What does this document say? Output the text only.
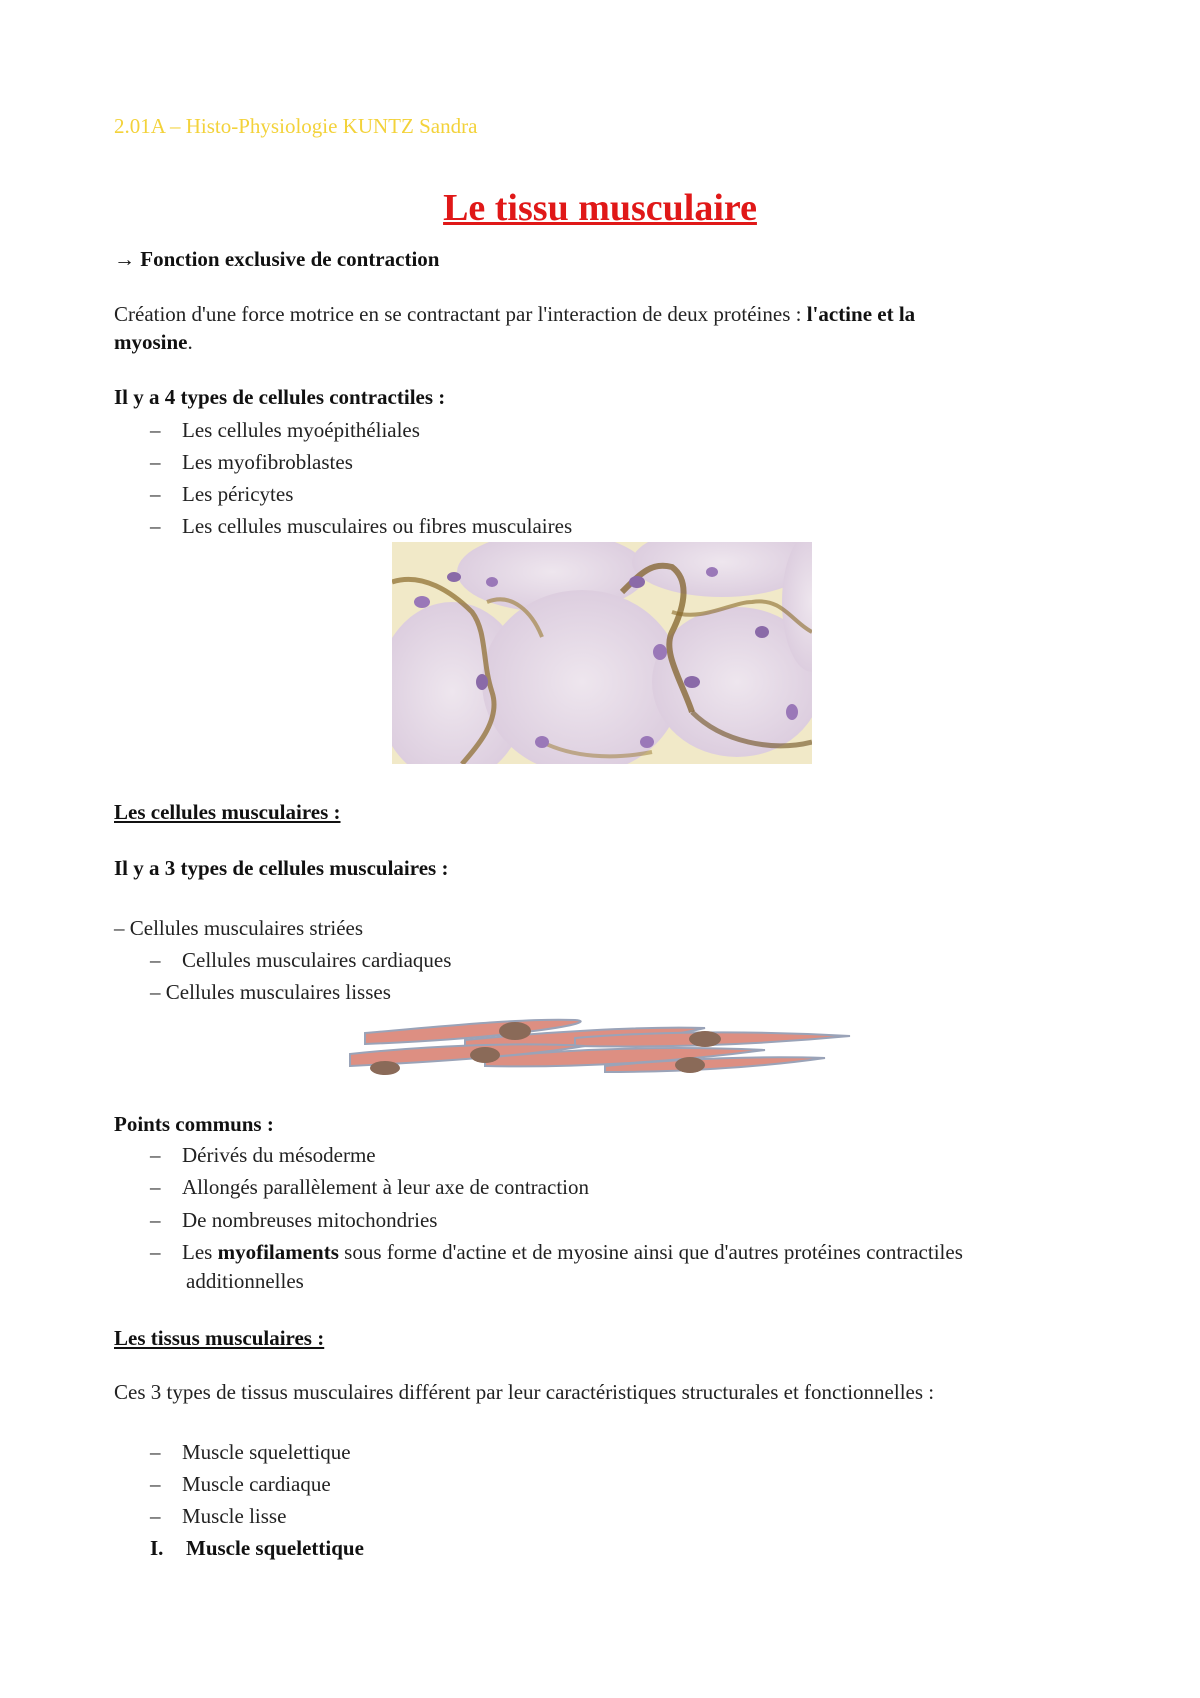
2.01A – Histo-Physiologie KUNTZ Sandra
Le tissu musculaire
→ Fonction exclusive de contraction
Création d'une force motrice en se contractant par l'interaction de deux protéines : l'actine et la
myosine.
Il y a 4 types de cellules contractiles :
– Les cellules myoépithéliales
– Les myofibroblastes
– Les péricytes
– Les cellules musculaires ou fibres musculaires
Les cellules musculaires :
Il y a 3 types de cellules musculaires :
– Cellules musculaires striées
– Cellules musculaires cardiaques
– Cellules musculaires lisses
Points communs :
– Dérivés du mésoderme
– Allongés parallèlement à leur axe de contraction
– De nombreuses mitochondries
– Les myofilaments sous forme d'actine et de myosine ainsi que d'autres protéines contractiles
additionnelles
Les tissus musculaires :
Ces 3 types de tissus musculaires différent par leur caractéristiques structurales et fonctionnelles :
– Muscle squelettique
– Muscle cardiaque
– Muscle lisse
I. Muscle squelettique
